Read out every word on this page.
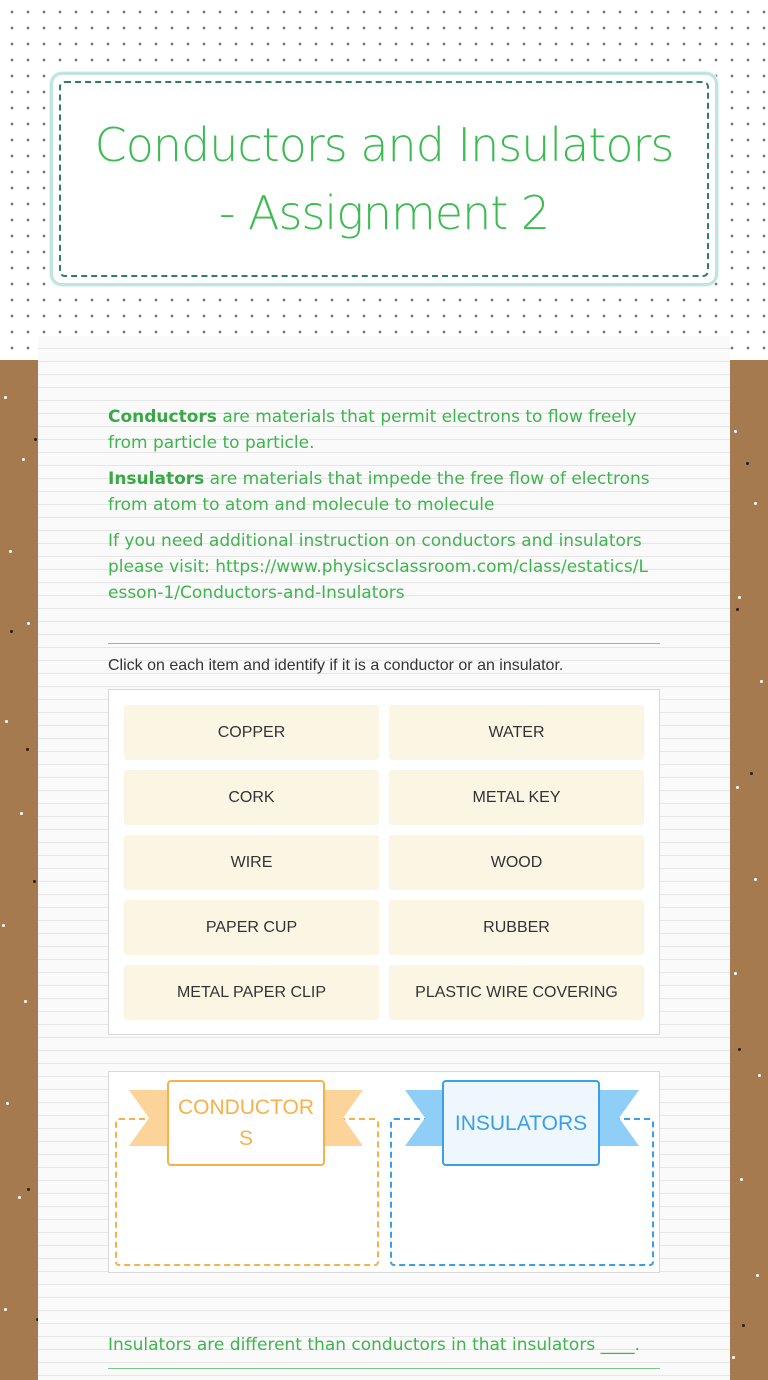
Conductors and Insulators - Assignment 2

Conductors are materials that permit electrons to flow freely from particle to particle.

Insulators are materials that impede the free flow of electrons from atom to atom and molecule to molecule

If you need additional instruction on conductors and insulators please visit: https://www.physicsclassroom.com/class/estatics/Lesson-1/Conductors-and-Insulators

Click on each item and identify if it is a conductor or an insulator.
COPPER	WATER
CORK	METAL KEY
WIRE	WOOD
PAPER CUP	RUBBER
METAL PAPER CLIP	PLASTIC WIRE COVERING
CONDUCTORS
INSULATORS
Insulators are different than conductors in that insulators ____.
